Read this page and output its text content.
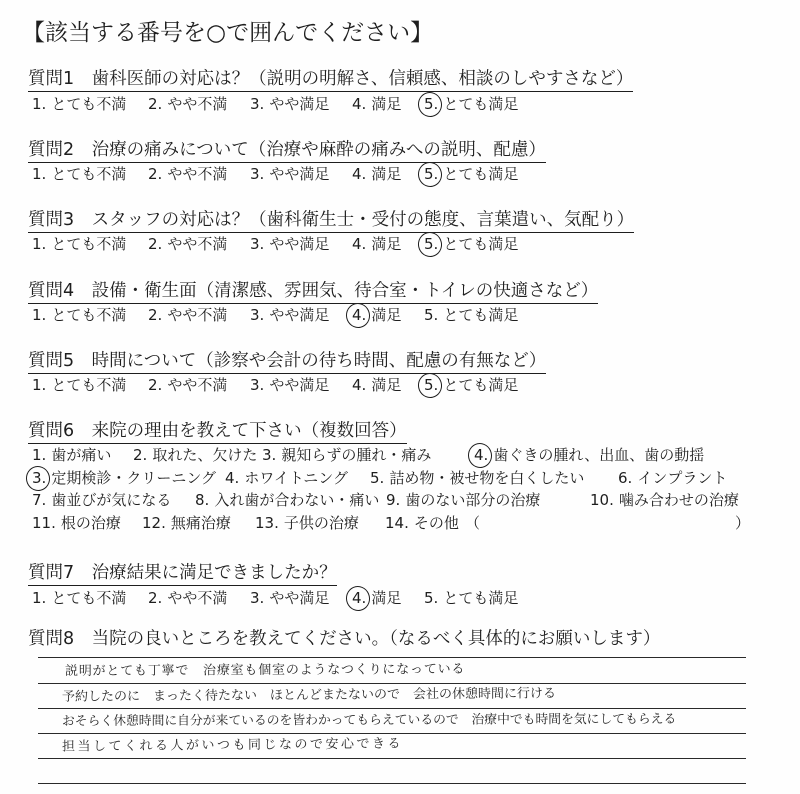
【該当する番号を○で囲んでください】
質問1　歯科医師の対応は？（説明の明解さ、信頼感、相談のしやすさなど）
1. とても不満 2. やや不満 3. やや満足 4. 満足 5. とても満足
質問2　治療の痛みについて（治療や麻酔の痛みへの説明、配慮）
1. とても不満 2. やや不満 3. やや満足 4. 満足 5. とても満足
質問3　スタッフの対応は？（歯科衛生士・受付の態度、言葉遣い、気配り）
1. とても不満 2. やや不満 3. やや満足 4. 満足 5. とても満足
質問4　設備・衛生面（清潔感、雰囲気、待合室・トイレの快適さなど）
1. とても不満 2. やや不満 3. やや満足 4. 満足 5. とても満足
質問5　時間について（診察や会計の待ち時間、配慮の有無など）
1. とても不満 2. やや不満 3. やや満足 4. 満足 5. とても満足
質問6　来院の理由を教えて下さい（複数回答）
1. 歯が痛い 2. 取れた、欠けた 3. 親知らずの腫れ・痛み	4. 歯ぐきの腫れ、出血、歯の動揺
3. 定期検診・クリーニング 4. ホワイトニング 5. 詰め物・被せ物を白くしたい 6. インプラント
7. 歯並びが気になる 8. 入れ歯が合わない・痛い 9. 歯のない部分の治療	10. 噛み合わせの治療
11. 根の治療 12. 無痛治療 13. 子供の治療 14. その他 （	）
質問7　治療結果に満足できましたか？
1. とても不満 2. やや不満 3. やや満足 4. 満足 5. とても満足
質問8　当院の良いところを教えてください。（なるべく具体的にお願いします）
説明がとても丁寧で　治療室も個室のようなつくりになっている
予約したのに　まったく待たない　ほとんどまたないので　会社の休憩時間に行ける
おそらく休憩時間に自分が来ているのを皆わかってもらえているので　治療中でも時間を気にしてもらえる
担当してくれる人がいつも同じなので安心できる
